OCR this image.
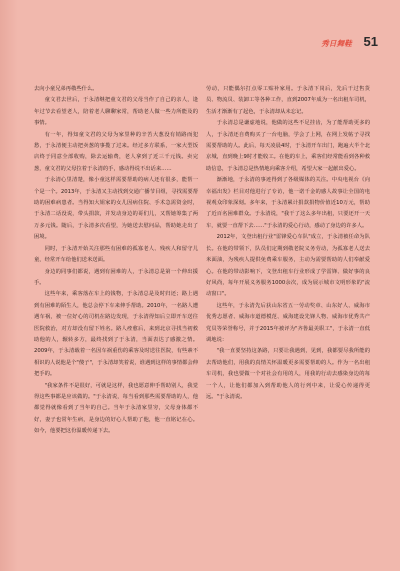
秀日舞鞋 51

去向小童兄弟再敬些什么。

童文君去世后，于永清继把童文君的父母当作了自己的亲人，逢年过节去看望老人，陪着老人聊聊家常，帮助老人做一些力所能及的事情。

有一年，得知童文君的父母为家里种的辛苦大葱没有销路而犯愁，于永清便主动把卖葱的事揽了过来。经过多方联系，一家大型饭店终于同意全部收购，除去运输费，老人拿到了近三千元钱。卖完葱，童文君的父母拉着于永清的手，感动得说不出话来……

于永清心里清楚，像小童这样需要帮助的病人还有很多，能帮一个是一个。2013年，于永清又主动找到交通广播节目组，寻找需要帮助的困难病患者。当得知大姐家的女儿因病住院、手术急需资金时，于永清二话没说，带头捐款，并发动身边的哥们儿，又帮她筹集了两万多元钱。随后，于永清多次看望，为她送去慰问品，帮助她走出了困境。

同时，于永清开始关注那些有困难的孤寡老人、残疾人和留守儿童，经常开车给他们送米送面。

身边的同事们都说，遇到有困难的人，于永清总是第一个伸出援手。

这些年来，乘客落在车上的钱物，于永清总是及时归还；路上遇到有困难的陌生人，他总会停下车来伸手帮助。2010年，一名路人遭遇车祸，被一位好心的司机在路边发现，于永清得知后立即开车送往医院救治，对方却没有留下姓名。路人痊愈后，来到北京寻找当初救助他的人，辗转多方，最终找到了于永清，当面表达了感激之情。2009年，于永清载着一名因车祸重伤的乘客及时送往医院，有些素不相识的人说他是个"傻子"，于永清却笑着说，谁遇到这样的事情都会伸把手的。

"我家条件不是很好，可就是这样，我也愿意伸手帮助别人，我觉得这些事都是应该做的。"于永清说，每当看到那些需要帮助的人，他都觉得就像看到了当年的自己。当年于永清家里穷，父母身体都不好，妻子也常年生病，是身边的好心人帮助了他，他一直铭记在心。如今，他要把这份温暖传递下去。

劳动，只能偶尔打点零工贴补家用。于永清下岗后，先后干过售货员、物流员、装卸工等各种工作，直到2007年成为一名出租车司机，生活才渐渐有了起色，于永清却从未忘记。

于永清总是谦虚地说，他做的这些不足挂齿，为了能帮助更多的人，于永清还自费购买了一台电脑，学会了上网，在网上发帖子寻找需要帮助的人。此后，每天凌晨4时，于永清开车出门，跑遍大半个北京城，直到晚上9时才能收工。在他的车上，乘客们经常能看到各种救助信息，于永清总是热情地向乘客介绍，希望大家一起献出爱心。

渐渐地，于永清的事迹得到了各级媒体的关注。中央电视台《向幸福出发》栏目对他进行了专访，他一诺千金的感人故事让全国的电视观众印象深刻。多年来，于永清累计捐款捐物价值近10万元，帮助了近百名困难群众。于永清说，"我干了这么多年出租，只要还开一天车，就要一直帮下去……"于永清的爱心行动，感动了身边的许多人。

2012年，文登出租行业"雷锋爱心车队"成立，于永清被任命为队长。在他的带领下，队员们定期到敬老院义务劳动，为孤寡老人送去米面油，为残疾人提供免费乘车服务，主动为需要帮助的人们奉献爱心。在他的带动影响下，文登出租车行业形成了学雷锋、做好事的良好风尚，每年开展义务服务1000余次，成为展示城市文明形象的"流动窗口"。

这些年，于永清先后获山东省五一劳动奖章、山东好人、威海市优秀志愿者、威海市道德模范、威海建设先锋人物、威海市优秀共产党员等荣誉称号，并于2015年被评为"齐鲁最美职工"，于永清一直低调地说：

"我一直要坚持这条路，只要让我遇到，见到，我都要尽我所能的去帮助他们，用我的真情关怀温暖更多需要帮助的人。作为一名出租车司机，我也要做一个对社会有用的人，用我的行动去感染身边的每一个人，让他们都加入到帮助他人的行列中来，让爱心传递得更远。"于永清说。
